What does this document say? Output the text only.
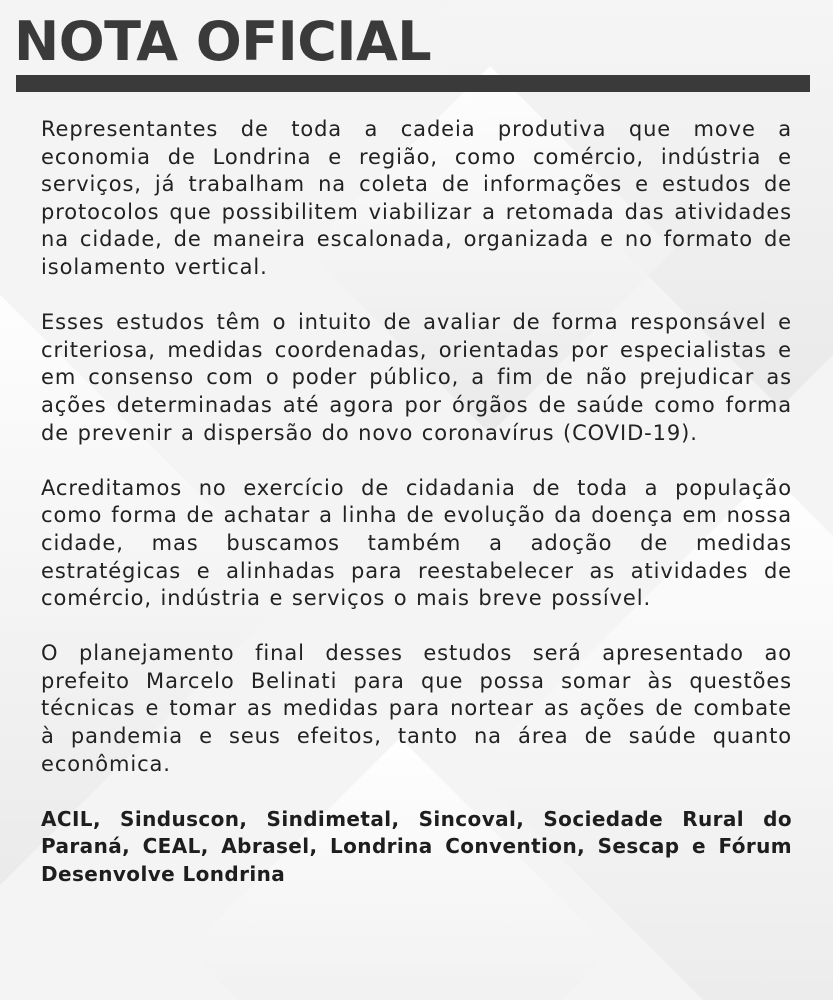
NOTA OFICIAL

Representantes de toda a cadeia produtiva que move a economia de Londrina e região, como comércio, indústria e serviços, já trabalham na coleta de informações e estudos de protocolos que possibilitem viabilizar a retomada das atividades na cidade, de maneira escalonada, organizada e no formato de isolamento vertical.

Esses estudos têm o intuito de avaliar de forma responsável e criteriosa, medidas coordenadas, orientadas por especialistas e em consenso com o poder público, a fim de não prejudicar as ações determinadas até agora por órgãos de saúde como forma de prevenir a dispersão do novo coronavírus (COVID-19).

Acreditamos no exercício de cidadania de toda a população como forma de achatar a linha de evolução da doença em nossa cidade, mas buscamos também a adoção de medidas estratégicas e alinhadas para reestabelecer as atividades de comércio, indústria e serviços o mais breve possível.

O planejamento final desses estudos será apresentado ao prefeito Marcelo Belinati para que possa somar às questões técnicas e tomar as medidas para nortear as ações de combate à pandemia e seus efeitos, tanto na área de saúde quanto econômica.

ACIL, Sinduscon, Sindimetal, Sincoval, Sociedade Rural do Paraná, CEAL, Abrasel, Londrina Convention, Sescap e Fórum Desenvolve Londrina
